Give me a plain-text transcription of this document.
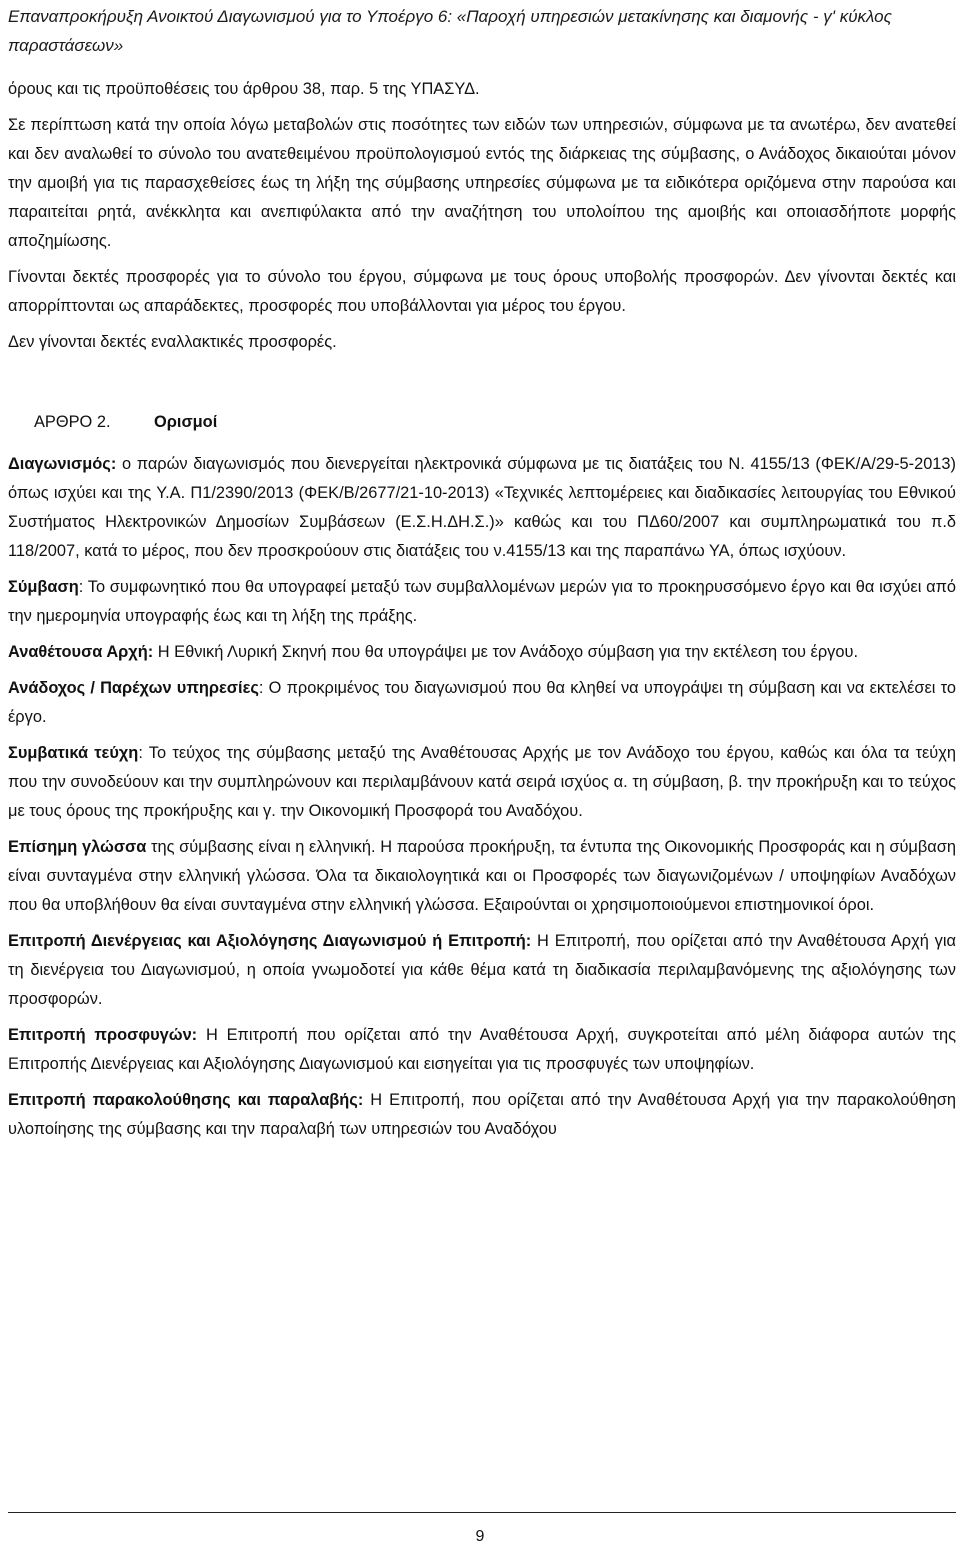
Επαναπροκήρυξη Ανοικτού Διαγωνισμού για το Υποέργο 6: «Παροχή υπηρεσιών μετακίνησης και διαμονής - γ' κύκλος παραστάσεων»

όρους και τις προϋποθέσεις του άρθρου 38, παρ. 5 της ΥΠΑΣΥΔ.

Σε περίπτωση κατά την οποία λόγω μεταβολών στις ποσότητες των ειδών των υπηρεσιών, σύμφωνα με τα ανωτέρω, δεν ανατεθεί και δεν αναλωθεί το σύνολο του ανατεθειμένου προϋπολογισμού εντός της διάρκειας της σύμβασης, ο Ανάδοχος δικαιούται μόνον την αμοιβή για τις παρασχεθείσες έως τη λήξη της σύμβασης υπηρεσίες σύμφωνα με τα ειδικότερα οριζόμενα στην παρούσα και παραιτείται ρητά, ανέκκλητα και ανεπιφύλακτα από την αναζήτηση του υπολοίπου της αμοιβής και οποιασδήποτε μορφής αποζημίωσης.

Γίνονται δεκτές προσφορές για το σύνολο του έργου, σύμφωνα με τους όρους υποβολής προσφορών. Δεν γίνονται δεκτές και απορρίπτονται ως απαράδεκτες, προσφορές που υποβάλλονται για μέρος του έργου.

Δεν γίνονται δεκτές εναλλακτικές προσφορές.

ΑΡΘΡΟ 2.	Ορισμοί

Διαγωνισμός: ο παρών διαγωνισμός που διενεργείται ηλεκτρονικά σύμφωνα με τις διατάξεις του Ν. 4155/13 (ΦΕΚ/Α/29-5-2013) όπως ισχύει και της Υ.Α. Π1/2390/2013 (ΦΕΚ/Β/2677/21-10-2013) «Τεχνικές λεπτομέρειες και διαδικασίες λειτουργίας του Εθνικού Συστήματος Ηλεκτρονικών Δημοσίων Συμβάσεων (Ε.Σ.Η.ΔΗ.Σ.)» καθώς και του ΠΔ60/2007 και συμπληρωματικά του π.δ 118/2007, κατά το μέρος, που δεν προσκρούουν στις διατάξεις του ν.4155/13 και της παραπάνω ΥΑ, όπως ισχύουν.

Σύμβαση: Το συμφωνητικό που θα υπογραφεί μεταξύ των συμβαλλομένων μερών για το προκηρυσσόμενο έργο και θα ισχύει από την ημερομηνία υπογραφής έως και τη λήξη της πράξης.

Αναθέτουσα Αρχή: Η Εθνική Λυρική Σκηνή που θα υπογράψει με τον Ανάδοχο σύμβαση για την εκτέλεση του έργου.

Ανάδοχος / Παρέχων υπηρεσίες: Ο προκριμένος του διαγωνισμού που θα κληθεί να υπογράψει τη σύμβαση και να εκτελέσει το έργο.

Συμβατικά τεύχη: Το τεύχος της σύμβασης μεταξύ της Αναθέτουσας Αρχής με τον Ανάδοχο του έργου, καθώς και όλα τα τεύχη που την συνοδεύουν και την συμπληρώνουν και περιλαμβάνουν κατά σειρά ισχύος α. τη σύμβαση, β. την προκήρυξη και το τεύχος με τους όρους της προκήρυξης και γ. την Οικονομική Προσφορά του Αναδόχου.

Επίσημη γλώσσα της σύμβασης είναι η ελληνική. Η παρούσα προκήρυξη, τα έντυπα της Οικονομικής Προσφοράς και η σύμβαση είναι συνταγμένα στην ελληνική γλώσσα. Όλα τα δικαιολογητικά και οι Προσφορές των διαγωνιζομένων / υποψηφίων Αναδόχων που θα υποβλήθουν θα είναι συνταγμένα στην ελληνική γλώσσα. Εξαιρούνται οι χρησιμοποιούμενοι επιστημονικοί όροι.

Επιτροπή Διενέργειας και Αξιολόγησης Διαγωνισμού ή Επιτροπή: Η Επιτροπή, που ορίζεται από την Αναθέτουσα Αρχή για τη διενέργεια του Διαγωνισμού, η οποία γνωμοδοτεί για κάθε θέμα κατά τη διαδικασία περιλαμβανόμενης της αξιολόγησης των προσφορών.

Επιτροπή προσφυγών: Η Επιτροπή που ορίζεται από την Αναθέτουσα Αρχή, συγκροτείται από μέλη διάφορα αυτών της Επιτροπής Διενέργειας και Αξιολόγησης Διαγωνισμού και εισηγείται για τις προσφυγές των υποψηφίων.

Επιτροπή παρακολούθησης και παραλαβής: Η Επιτροπή, που ορίζεται από την Αναθέτουσα Αρχή για την παρακολούθηση υλοποίησης της σύμβασης και την παραλαβή των υπηρεσιών του Αναδόχου

9
